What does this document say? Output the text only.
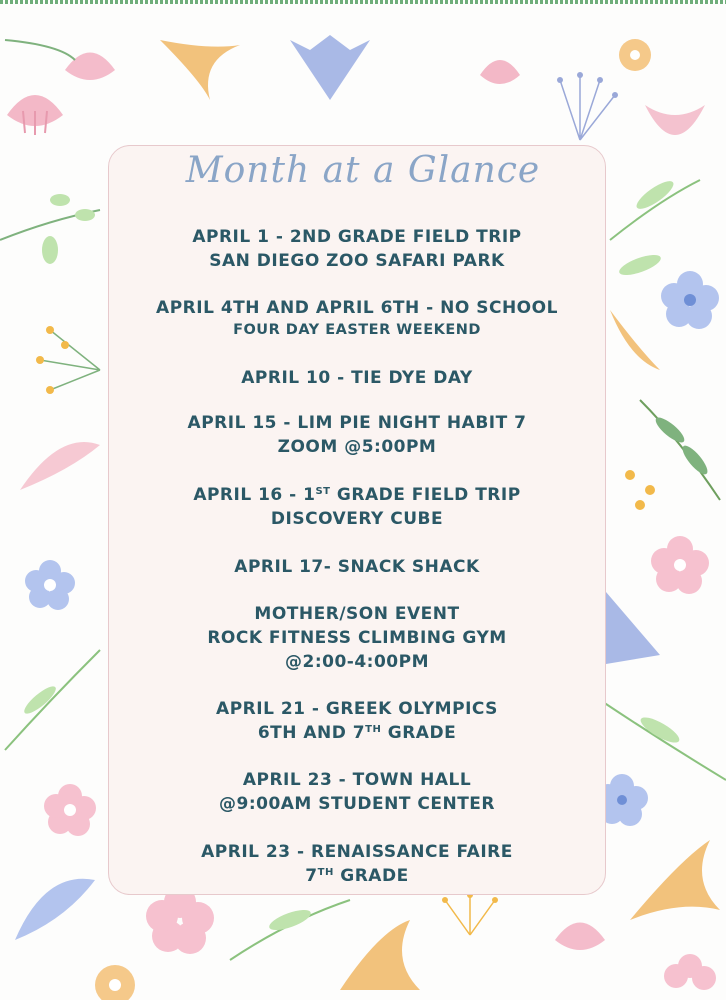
Month at a Glance
APRIL 1 - 2ND GRADE FIELD TRIP
SAN DIEGO ZOO SAFARI PARK
APRIL 4TH AND APRIL 6TH - NO SCHOOL
FOUR DAY EASTER WEEKEND
APRIL 10 - TIE DYE DAY
APRIL 15 - LIM PIE NIGHT HABIT 7
ZOOM @5:00PM
APRIL 16 - 1ST GRADE FIELD TRIP
DISCOVERY CUBE
APRIL 17- SNACK SHACK
MOTHER/SON EVENT
ROCK FITNESS CLIMBING GYM
@2:00-4:00PM
APRIL 21 - GREEK OLYMPICS
6TH AND 7TH GRADE
APRIL 23 - TOWN HALL
@9:00AM STUDENT CENTER
APRIL 23 - RENAISSANCE FAIRE
7TH GRADE
